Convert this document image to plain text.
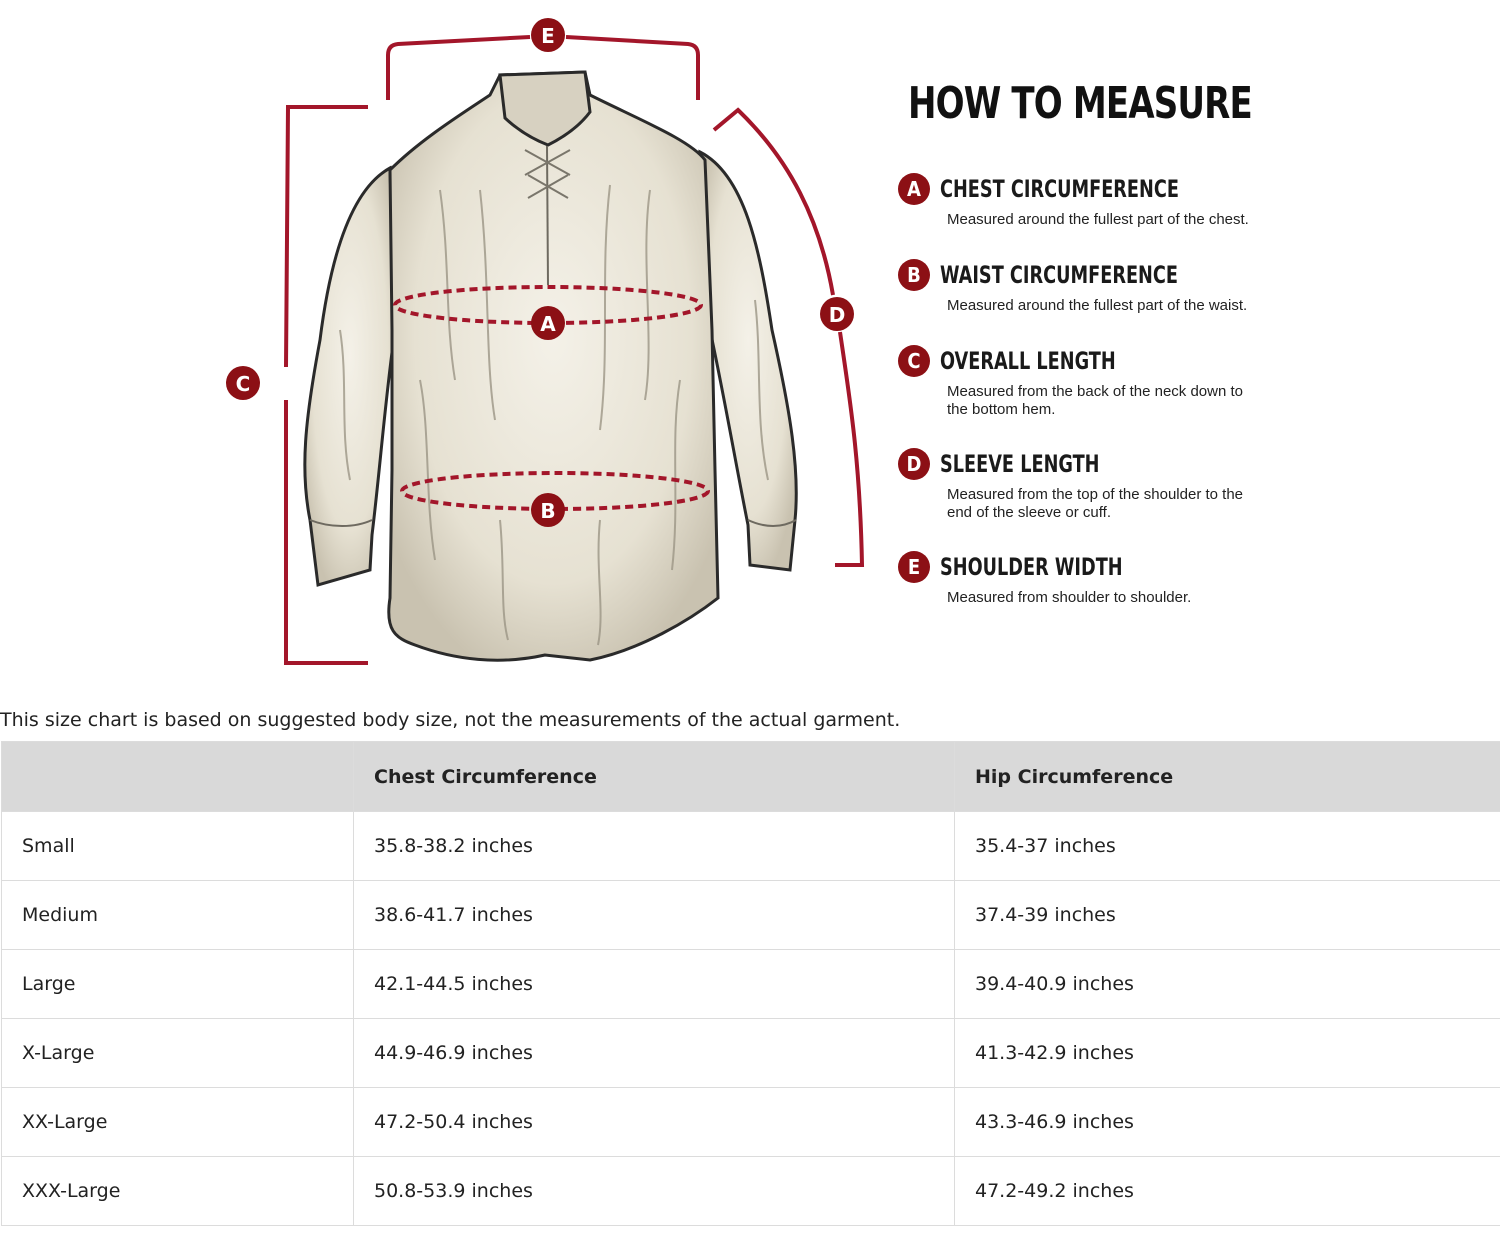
E
C
D
A
B
HOW TO MEASURE
A CHEST CIRCUMFERENCE
Measured around the fullest part of the chest.
B WAIST CIRCUMFERENCE
Measured around the fullest part of the waist.
C OVERALL LENGTH
Measured from the back of the neck down to the bottom hem.
D SLEEVE LENGTH
Measured from the top of the shoulder to the end of the sleeve or cuff.
E SHOULDER WIDTH
Measured from shoulder to shoulder.

This size chart is based on suggested body size, not the measurements of the actual garment.

	Chest Circumference	Hip Circumference
Small	35.8-38.2 inches	35.4-37 inches
Medium	38.6-41.7 inches	37.4-39 inches
Large	42.1-44.5 inches	39.4-40.9 inches
X-Large	44.9-46.9 inches	41.3-42.9 inches
XX-Large	47.2-50.4 inches	43.3-46.9 inches
XXX-Large	50.8-53.9 inches	47.2-49.2 inches
